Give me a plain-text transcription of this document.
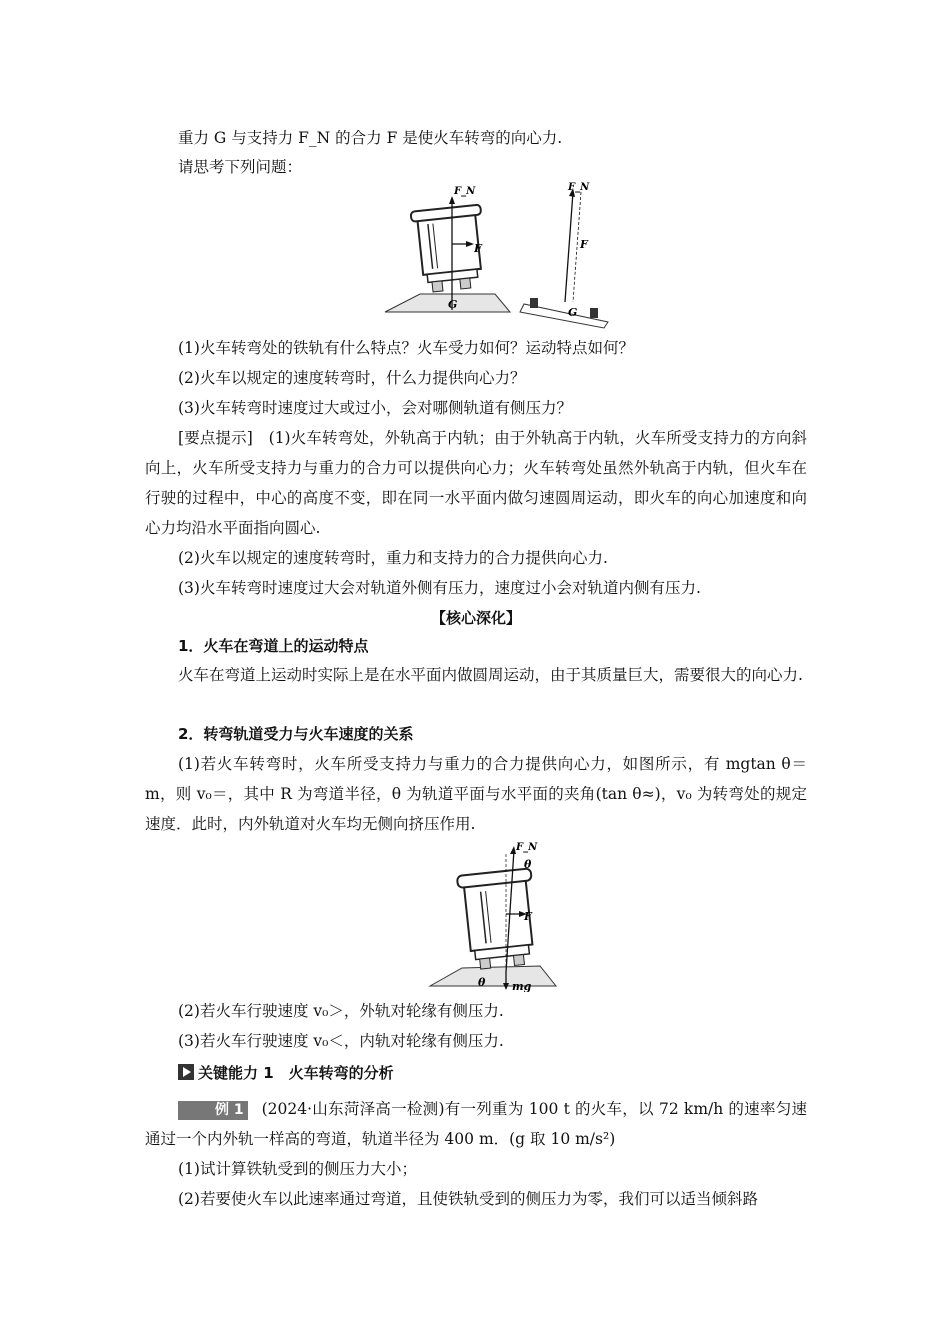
重力 G 与支持力 F_N 的合力 F 是使火车转弯的向心力.

请思考下列问题：

F_N
F
G
F_N
F
G

(1)火车转弯处的铁轨有什么特点？火车受力如何？运动特点如何？

(2)火车以规定的速度转弯时，什么力提供向心力？

(3)火车转弯时速度过大或过小，会对哪侧轨道有侧压力？

[要点提示]　 (1)火车转弯处，外轨高于内轨；由于外轨高于内轨，火车所受支持力的方向斜向上，火车所受支持力与重力的合力可以提供向心力；火车转弯处虽然外轨高于内轨，但火车在行驶的过程中，中心的高度不变，即在同一水平面内做匀速圆周运动，即火车的向心加速度和向心力均沿水平面指向圆心.

(2)火车以规定的速度转弯时，重力和支持力的合力提供向心力.

(3)火车转弯时速度过大会对轨道外侧有压力，速度过小会对轨道内侧有压力.

【核心深化】

1．火车在弯道上的运动特点

火车在弯道上运动时实际上是在水平面内做圆周运动，由于其质量巨大，需要很大的向心力.

2．转弯轨道受力与火车速度的关系

(1)若火车转弯时，火车所受支持力与重力的合力提供向心力，如图所示，有 mgtan θ＝m，则 v₀＝，其中 R 为弯道半径，θ 为轨道平面与水平面的夹角(tan θ≈)，v₀ 为转弯处的规定速度．此时，内外轨道对火车均无侧向挤压作用.

F_N
θ
F
θ mg

(2)若火车行驶速度 v₀＞，外轨对轮缘有侧压力.

(3)若火车行驶速度 v₀＜，内轨对轮缘有侧压力.

关键能力 1　火车转弯的分析

例 1 (2024·山东菏泽高一检测)有一列重为 100 t 的火车，以 72 km/h 的速率匀速通过一个内外轨一样高的弯道，轨道半径为 400 m．(g 取 10 m/s²)

(1)试计算铁轨受到的侧压力大小；

(2)若要使火车以此速率通过弯道，且使铁轨受到的侧压力为零，我们可以适当倾斜路
